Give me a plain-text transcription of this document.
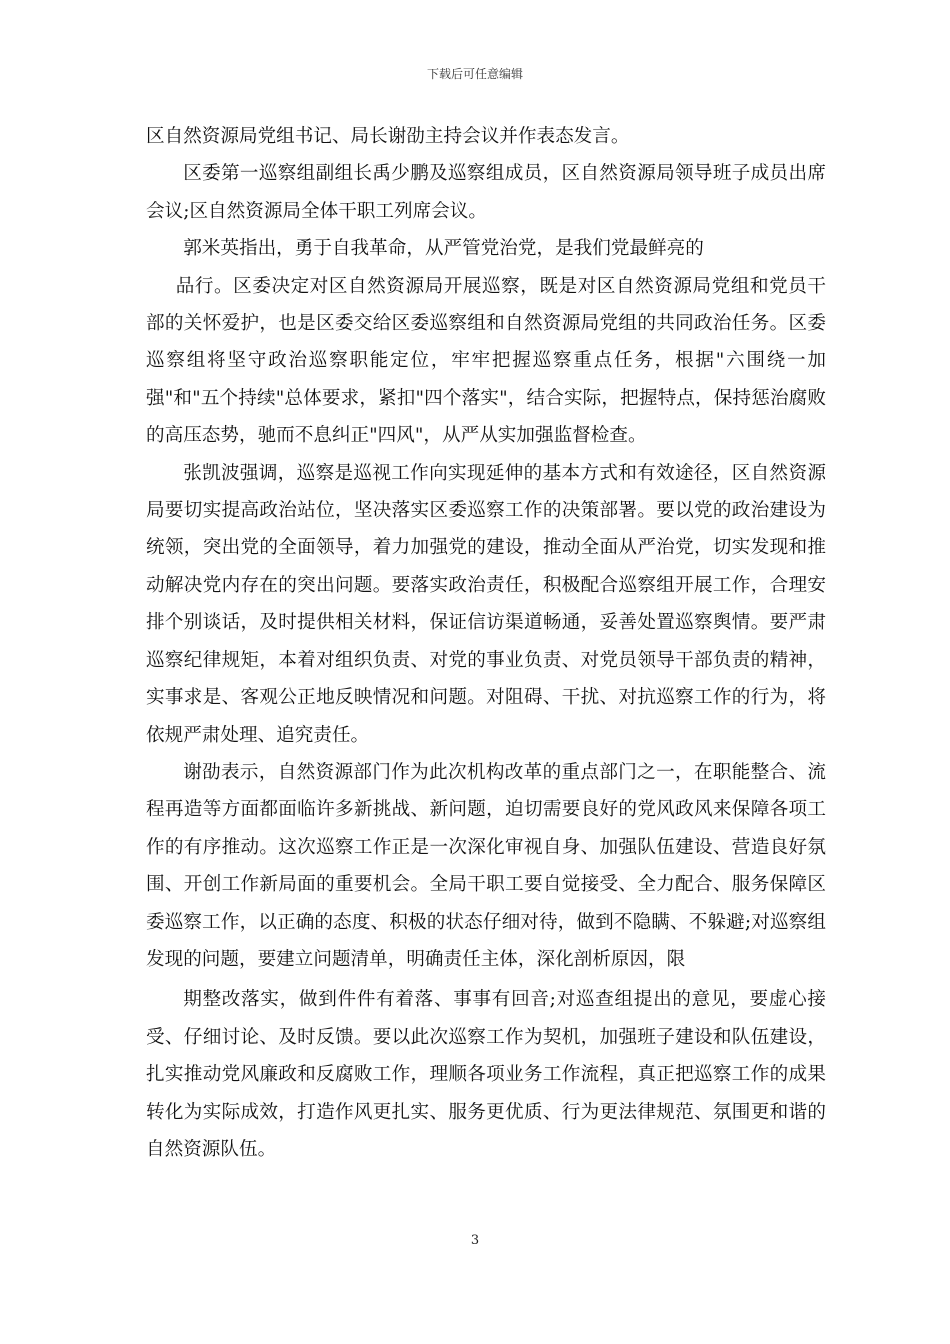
下载后可任意编辑

区自然资源局党组书记、局长谢劭主持会议并作表态发言。

区委第一巡察组副组长禹少鹏及巡察组成员，区自然资源局领导班子成员出席会议;区自然资源局全体干职工列席会议。

郭米英指出，勇于自我革命，从严管党治党，是我们党最鲜亮的

品行。区委决定对区自然资源局开展巡察，既是对区自然资源局党组和党员干部的关怀爱护，也是区委交给区委巡察组和自然资源局党组的共同政治任务。区委巡察组将坚守政治巡察职能定位，牢牢把握巡察重点任务，根据"六围绕一加强"和"五个持续"总体要求，紧扣"四个落实"，结合实际，把握特点，保持惩治腐败的高压态势，驰而不息纠正"四风"，从严从实加强监督检查。

张凯波强调，巡察是巡视工作向实现延伸的基本方式和有效途径，区自然资源局要切实提高政治站位，坚决落实区委巡察工作的决策部署。要以党的政治建设为统领，突出党的全面领导，着力加强党的建设，推动全面从严治党，切实发现和推动解决党内存在的突出问题。要落实政治责任，积极配合巡察组开展工作，合理安排个别谈话，及时提供相关材料，保证信访渠道畅通，妥善处置巡察舆情。要严肃巡察纪律规矩，本着对组织负责、对党的事业负责、对党员领导干部负责的精神，实事求是、客观公正地反映情况和问题。对阻碍、干扰、对抗巡察工作的行为，将依规严肃处理、追究责任。

谢劭表示，自然资源部门作为此次机构改革的重点部门之一，在职能整合、流程再造等方面都面临许多新挑战、新问题，迫切需要良好的党风政风来保障各项工作的有序推动。这次巡察工作正是一次深化审视自身、加强队伍建设、营造良好氛围、开创工作新局面的重要机会。全局干职工要自觉接受、全力配合、服务保障区委巡察工作，以正确的态度、积极的状态仔细对待，做到不隐瞒、不躲避;对巡察组发现的问题，要建立问题清单，明确责任主体，深化剖析原因，限

期整改落实，做到件件有着落、事事有回音;对巡查组提出的意见，要虚心接受、仔细讨论、及时反馈。要以此次巡察工作为契机，加强班子建设和队伍建设，扎实推动党风廉政和反腐败工作，理顺各项业务工作流程，真正把巡察工作的成果转化为实际成效，打造作风更扎实、服务更优质、行为更法律规范、氛围更和谐的自然资源队伍。

3
